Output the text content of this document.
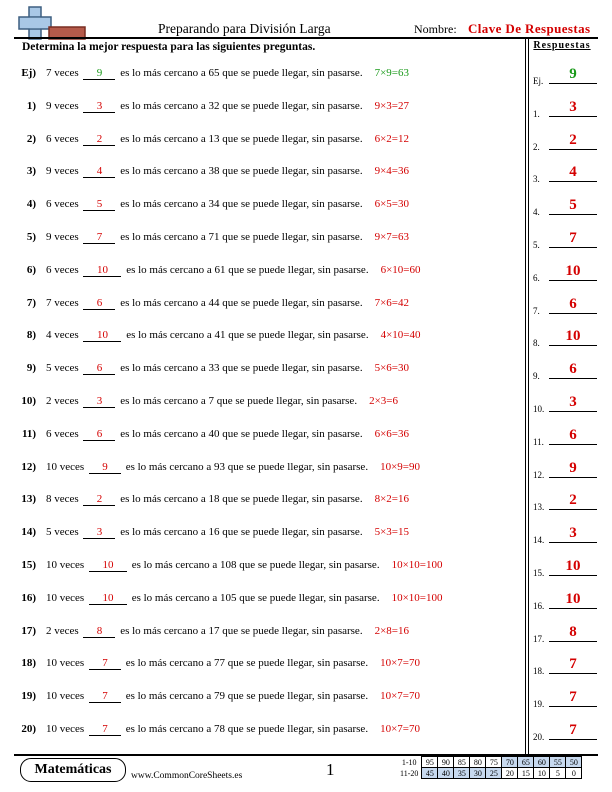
Preparando para División Larga	Nombre: Clave De Respuestas
Determina la mejor respuesta para las siguientes preguntas.	Respuestas
Ej) 7 veces 9 es lo más cercano a 65 que se puede llegar, sin pasarse. 7×9=63
1) 9 veces 3 es lo más cercano a 32 que se puede llegar, sin pasarse. 9×3=27
2) 6 veces 2 es lo más cercano a 13 que se puede llegar, sin pasarse. 6×2=12
3) 9 veces 4 es lo más cercano a 38 que se puede llegar, sin pasarse. 9×4=36
4) 6 veces 5 es lo más cercano a 34 que se puede llegar, sin pasarse. 6×5=30
5) 9 veces 7 es lo más cercano a 71 que se puede llegar, sin pasarse. 9×7=63
6) 6 veces 10 es lo más cercano a 61 que se puede llegar, sin pasarse. 6×10=60
7) 7 veces 6 es lo más cercano a 44 que se puede llegar, sin pasarse. 7×6=42
8) 4 veces 10 es lo más cercano a 41 que se puede llegar, sin pasarse. 4×10=40
9) 5 veces 6 es lo más cercano a 33 que se puede llegar, sin pasarse. 5×6=30
10) 2 veces 3 es lo más cercano a 7 que se puede llegar, sin pasarse. 2×3=6
11) 6 veces 6 es lo más cercano a 40 que se puede llegar, sin pasarse. 6×6=36
12) 10 veces 9 es lo más cercano a 93 que se puede llegar, sin pasarse. 10×9=90
13) 8 veces 2 es lo más cercano a 18 que se puede llegar, sin pasarse. 8×2=16
14) 5 veces 3 es lo más cercano a 16 que se puede llegar, sin pasarse. 5×3=15
15) 10 veces 10 es lo más cercano a 108 que se puede llegar, sin pasarse. 10×10=100
16) 10 veces 10 es lo más cercano a 105 que se puede llegar, sin pasarse. 10×10=100
17) 2 veces 8 es lo más cercano a 17 que se puede llegar, sin pasarse. 2×8=16
18) 10 veces 7 es lo más cercano a 77 que se puede llegar, sin pasarse. 10×7=70
19) 10 veces 7 es lo más cercano a 79 que se puede llegar, sin pasarse. 10×7=70
20) 10 veces 7 es lo más cercano a 78 que se puede llegar, sin pasarse. 10×7=70
Ej.	9
1.	3
2.	2
3.	4
4.	5
5.	7
6.	10
7.	6
8.	10
9.	6
10.	3
11.	6
12.	9
13.	2
14.	3
15.	10
16.	10
17.	8
18.	7
19.	7
20.	7
Matemáticas	www.CommonCoreSheets.es	1	1-10	95	90	85	80	75	70	65	60	55	50
11-20	45	40	35	30	25	20	15	10	5	0
